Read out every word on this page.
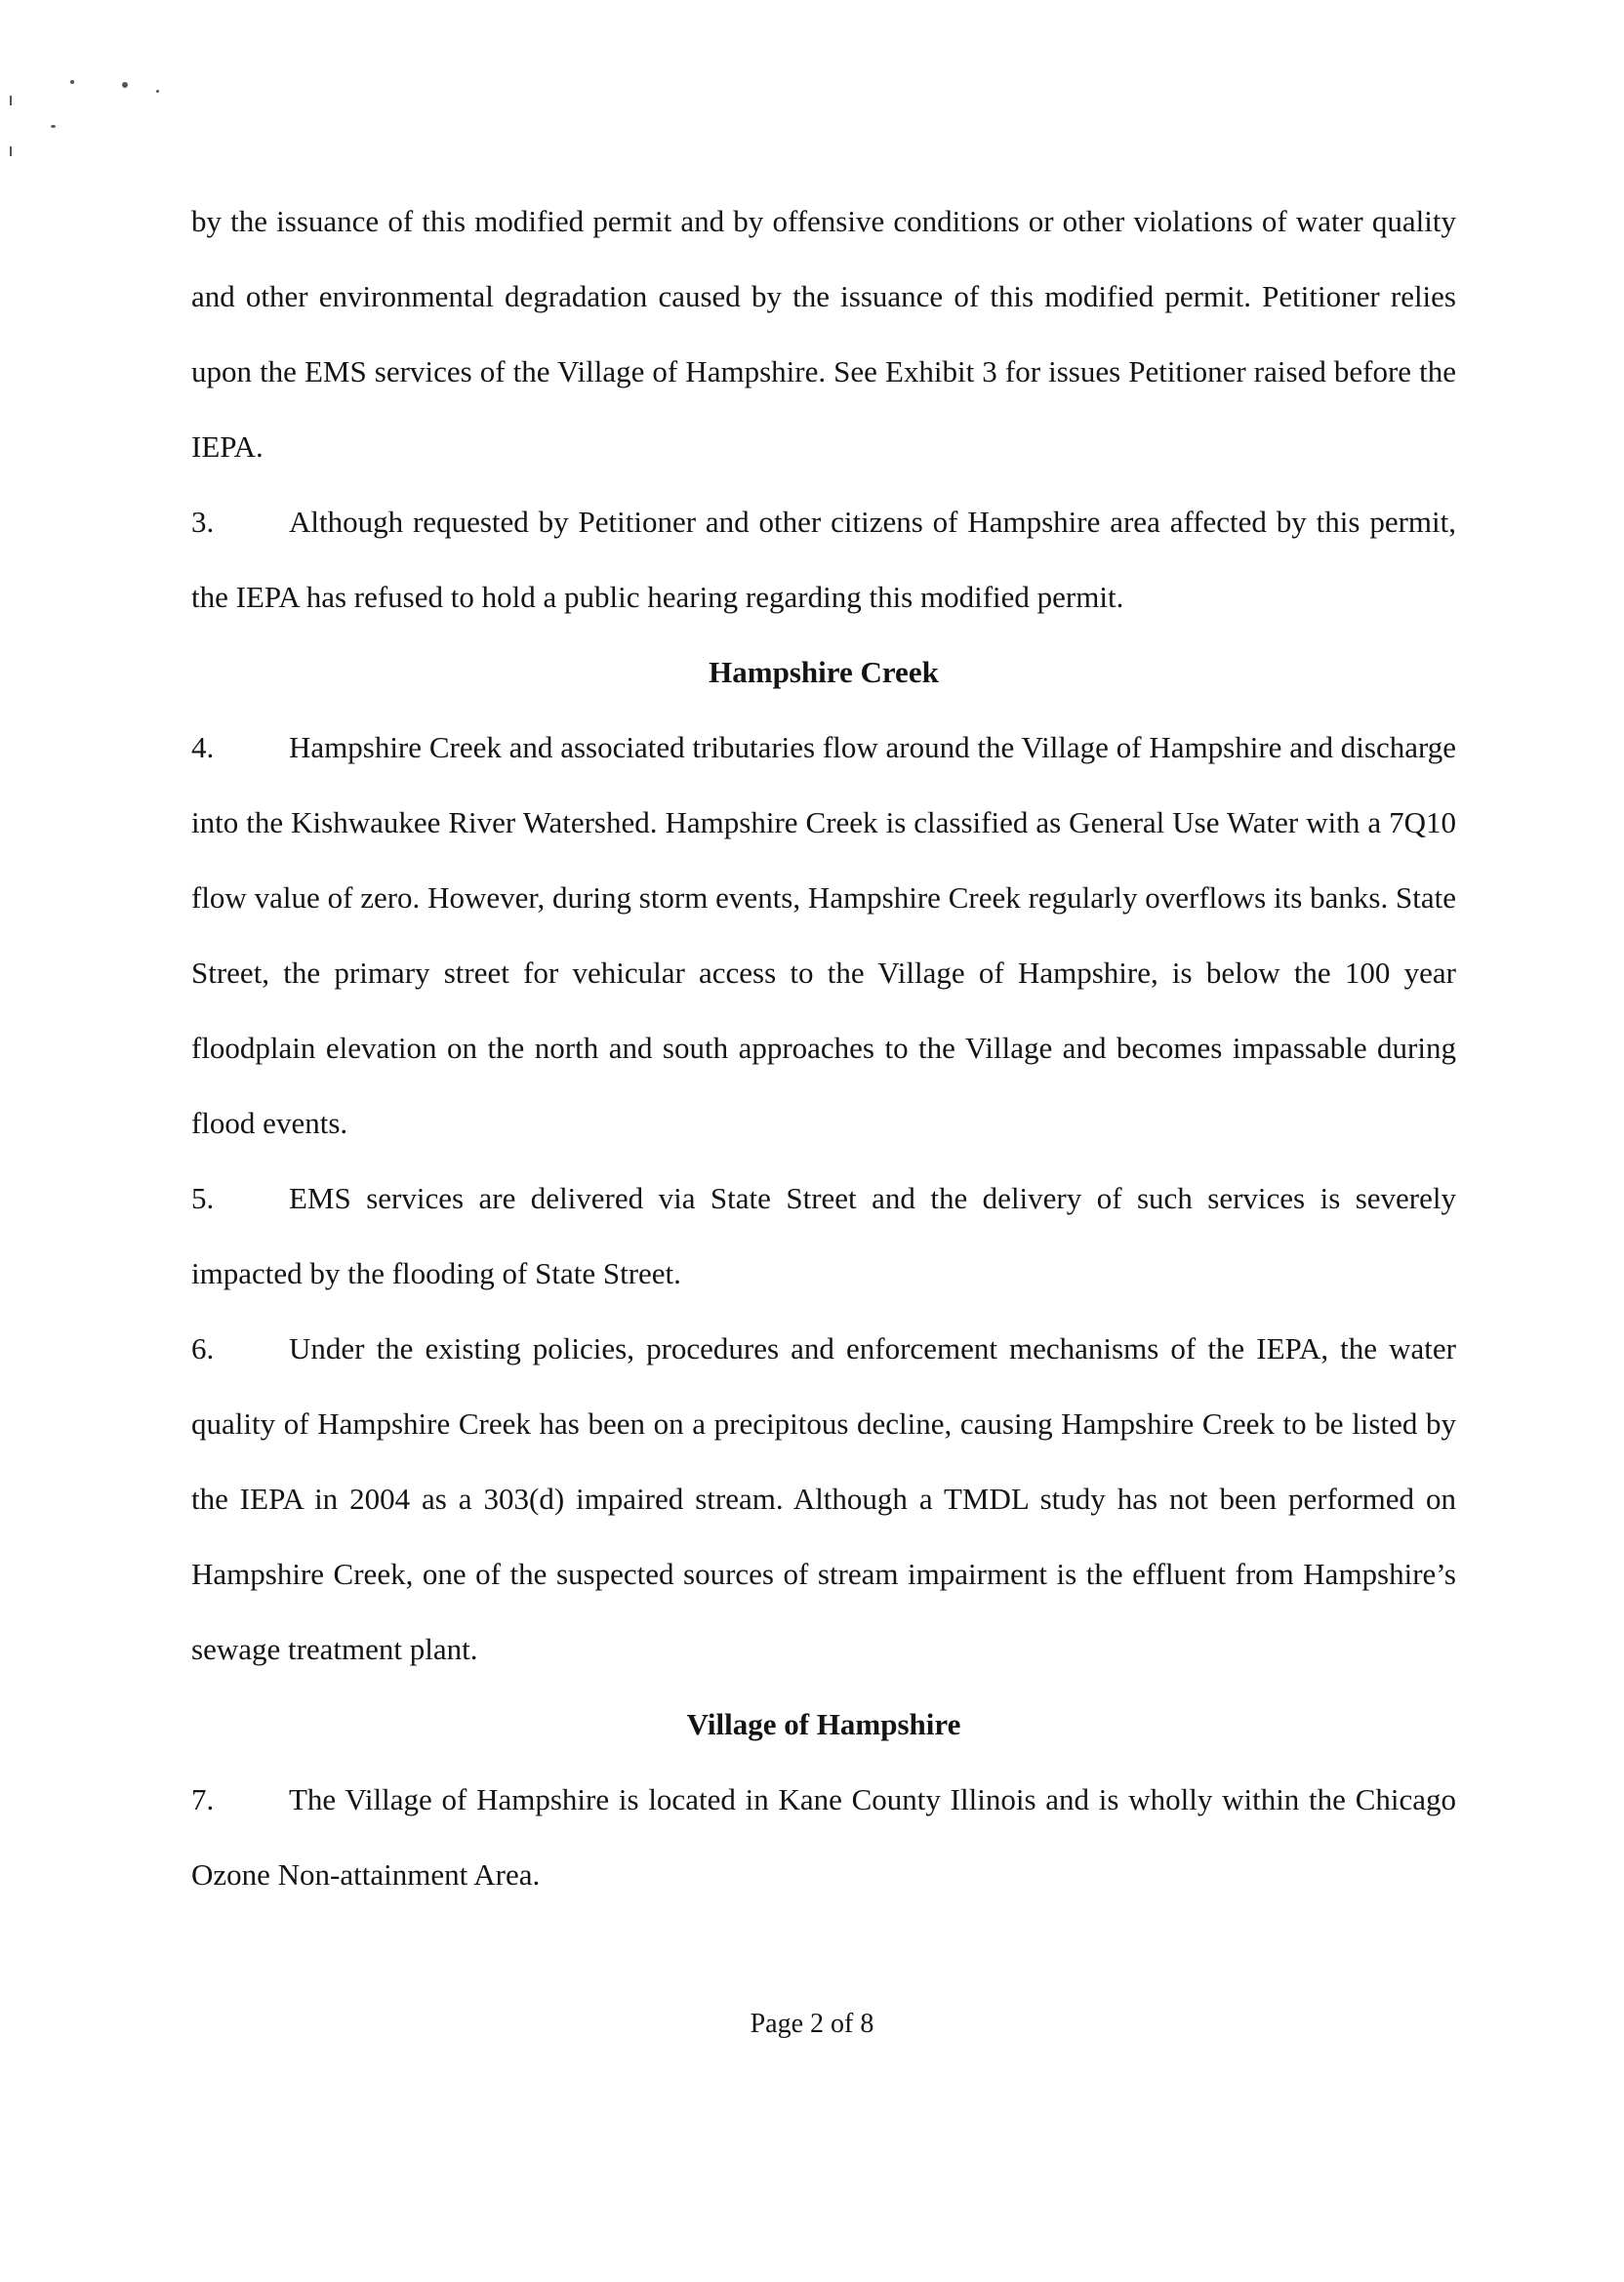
by the issuance of this modified permit and by offensive conditions or other violations of water quality and other environmental degradation caused by the issuance of this modified permit. Petitioner relies upon the EMS services of the Village of Hampshire. See Exhibit 3 for issues Petitioner raised before the IEPA.

3. Although requested by Petitioner and other citizens of Hampshire area affected by this permit, the IEPA has refused to hold a public hearing regarding this modified permit.

Hampshire Creek

4. Hampshire Creek and associated tributaries flow around the Village of Hampshire and discharge into the Kishwaukee River Watershed. Hampshire Creek is classified as General Use Water with a 7Q10 flow value of zero. However, during storm events, Hampshire Creek regularly overflows its banks. State Street, the primary street for vehicular access to the Village of Hampshire, is below the 100 year floodplain elevation on the north and south approaches to the Village and becomes impassable during flood events.

5. EMS services are delivered via State Street and the delivery of such services is severely impacted by the flooding of State Street.

6. Under the existing policies, procedures and enforcement mechanisms of the IEPA, the water quality of Hampshire Creek has been on a precipitous decline, causing Hampshire Creek to be listed by the IEPA in 2004 as a 303(d) impaired stream. Although a TMDL study has not been performed on Hampshire Creek, one of the suspected sources of stream impairment is the effluent from Hampshire’s sewage treatment plant.

Village of Hampshire

7. The Village of Hampshire is located in Kane County Illinois and is wholly within the Chicago Ozone Non-attainment Area.

Page 2 of 8
